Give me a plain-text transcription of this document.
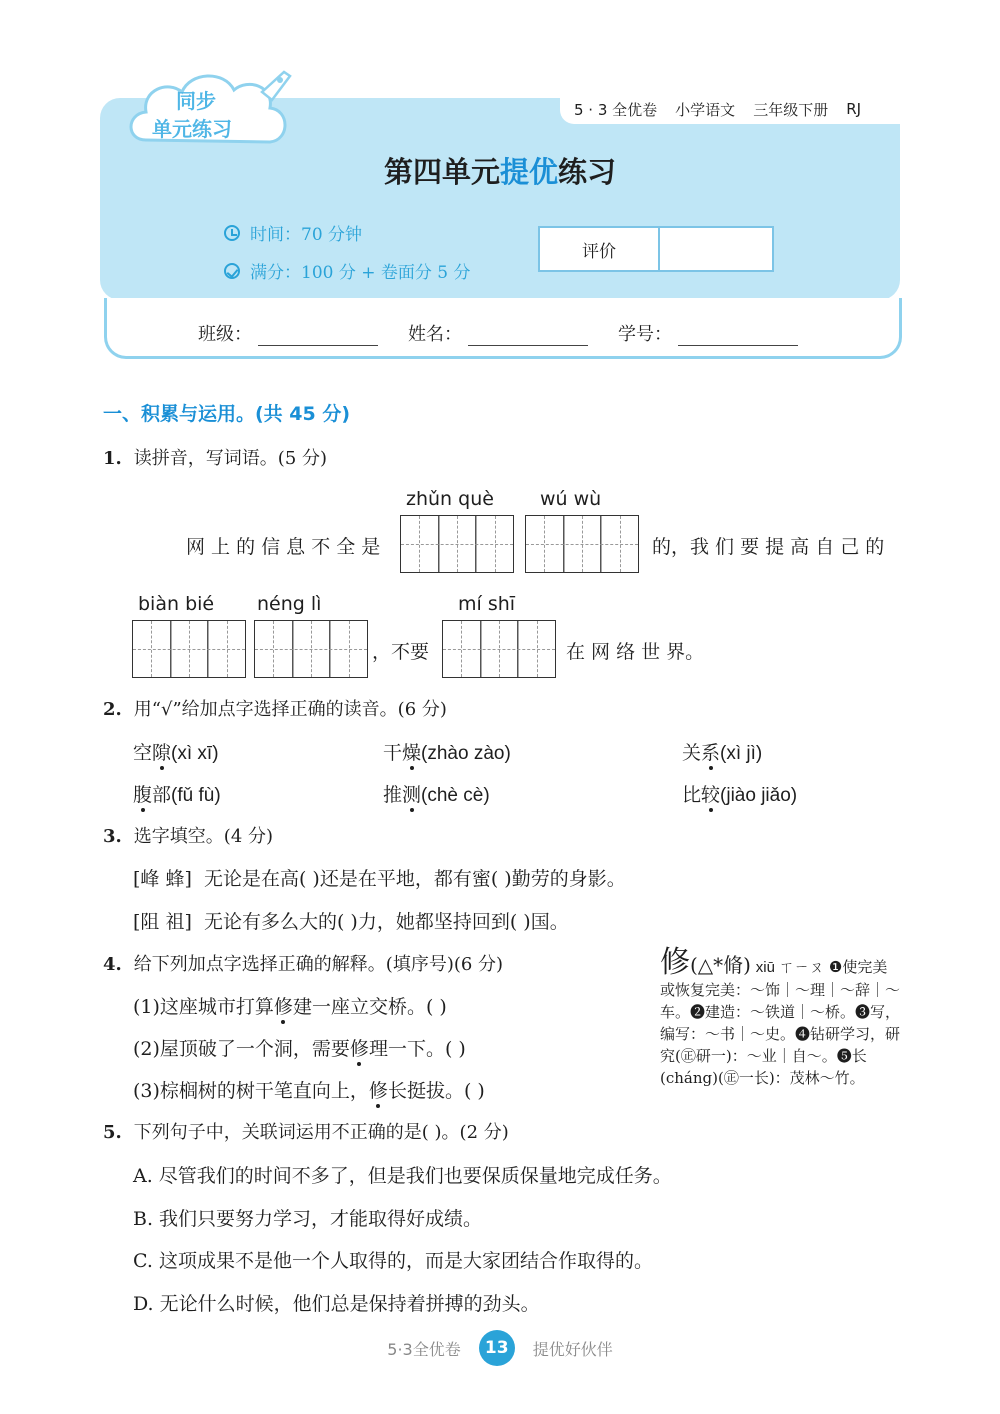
5 · 3 全优卷 小学语文 三年级下册 RJ
同步
单元练习
第四单元提优练习
时间：70 分钟
满分：100 分 + 卷面分 5 分
评价
班级：	姓名：	学号：
一、积累与运用。(共 45 分)
1. 读拼音，写词语。(5 分)
zhǔn què wú wù
网 上 的 信 息 不 全 是	的，我 们 要 提 高 自 己 的
biàn bié néng lì	mí shī
，不要	在 网 络 世 界。
2. 用“√”给加点字选择正确的读音。(6 分)
空隙(xì xī)	干燥(zhào zào)	关系(xì jì)
腹部(fǔ fù)	推测(chè cè)	比较(jiào jiǎo)
3. 选字填空。(4 分)
[峰 蜂] 无论是在高( )还是在平地，都有蜜( )勤劳的身影。
[阻 祖] 无论有多么大的( )力，她都坚持回到( )国。
4. 给下列加点字选择正确的解释。(填序号)(6 分)
(1)这座城市打算修建一座立交桥。( )
(2)屋顶破了一个洞，需要修理一下。( )
(3)棕榈树的树干笔直向上，修长挺拔。( )
修(△*脩) xiū ㄒㄧㄡ ❶使完美或恢复完美：～饰｜～理｜～辞｜～车。❷建造：～铁道｜～桥。❸写，编写：～书｜～史。❹钻研学习，研究(㊣研一)：～业｜自～。❺长(cháng)(㊣一长)：茂林～竹。
5. 下列句子中，关联词运用不正确的是( )。(2 分)
A. 尽管我们的时间不多了，但是我们也要保质保量地完成任务。
B. 我们只要努力学习，才能取得好成绩。
C. 这项成果不是他一个人取得的，而是大家团结合作取得的。
D. 无论什么时候，他们总是保持着拼搏的劲头。
5·3全优卷	13	提优好伙伴
